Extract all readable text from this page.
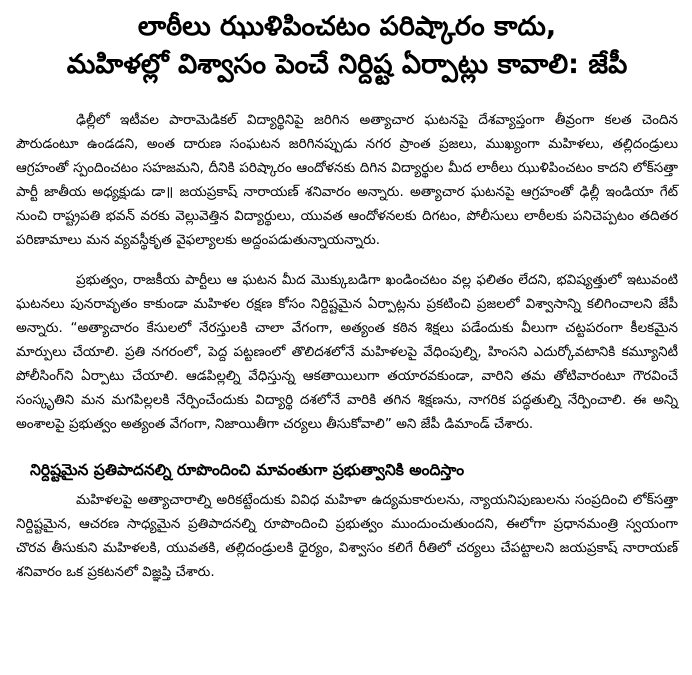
లాఠీలు ఝుళిపించటం పరిష్కారం కాదు,
మహిళల్లో విశ్వాసం పెంచే నిర్దిష్ట ఏర్పాట్లు కావాలి: జేపీ

ఢిల్లీలో ఇటీవల పారామెడికల్ విద్యార్థినిపై జరిగిన అత్యాచార ఘటనపై దేశవ్యాప్తంగా తీవ్రంగా కలత చెందిన పౌరుడంటూ ఉండడని, అంత దారుణ సంఘటన జరిగినప్పుడు నగర ప్రాంత ప్రజలు, ముఖ్యంగా మహిళలు, తల్లిదండ్రులు ఆగ్రహంతో స్పందించటం సహజమని, దీనికి పరిష్కారం ఆందోళనకు దిగిన విద్యార్థుల మీద లాఠీలు ఝుళిపించటం కాదని లోక్‌సత్తా పార్టీ జాతీయ అధ్యక్షుడు డా॥ జయప్రకాష్ నారాయణ్ శనివారం అన్నారు. అత్యాచార ఘటనపై ఆగ్రహంతో ఢిల్లీ ఇండియా గేట్ నుంచి రాష్ట్రపతి భవన్ వరకు వెల్లువెత్తిన విద్యార్థులు, యువత ఆందోళనలకు దిగటం, పోలీసులు లాఠీలకు పనిచెప్పటం తదితర పరిణామాలు మన వ్యవస్థీకృత వైఫల్యాలకు అద్దంపడుతున్నాయన్నారు.

ప్రభుత్వం, రాజకీయ పార్టీలు ఆ ఘటన మీద మొక్కుబడిగా ఖండించటం వల్ల ఫలితం లేదని, భవిష్యత్తులో ఇటువంటి ఘటనలు పునరావృతం కాకుండా మహిళల రక్షణ కోసం నిర్దిష్టమైన ఏర్పాట్లను ప్రకటించి ప్రజలలో విశ్వాసాన్ని కలిగించాలని జేపీ అన్నారు. “అత్యాచారం కేసులలో నేరస్తులకి చాలా వేగంగా, అత్యంత కఠిన శిక్షలు పడేందుకు వీలుగా చట్టపరంగా కీలకమైన మార్పులు చేయాలి. ప్రతి నగరంలో, పెద్ద పట్టణంలో తొలిదశలోనే మహిళలపై వేధింపుల్ని, హింసని ఎదుర్కోవటానికి కమ్యూనిటీ పోలీసింగ్‌ని ఏర్పాటు చేయాలి. ఆడపిల్లల్ని వేధిస్తున్న ఆకతాయిలుగా తయారవకుండా, వారిని తమ తోటివారంటూ గౌరవించే సంస్కృతిని మన మగపిల్లలకి నేర్పించేందుకు విద్యార్థి దశలోనే వారికి తగిన శిక్షణను, నాగరిక పద్ధతుల్ని నేర్పించాలి. ఈ అన్ని అంశాలపై ప్రభుత్వం అత్యంత వేగంగా, నిజాయితీగా చర్యలు తీసుకోవాలి” అని జేపీ డిమాండ్ చేశారు.

నిర్దిష్టమైన ప్రతిపాదనల్ని రూపొందించి మావంతుగా ప్రభుత్వానికి అందిస్తాం

మహిళలపై అత్యాచారాల్ని అరికట్టేందుకు వివిధ మహిళా ఉద్యమకారులను, న్యాయనిపుణులను సంప్రదించి లోక్‌సత్తా నిర్దిష్టమైన, ఆచరణ సాధ్యమైన ప్రతిపాదనల్ని రూపొందించి ప్రభుత్వం ముందుంచుతుందని, ఈలోగా ప్రధానమంత్రి స్వయంగా చొరవ తీసుకుని మహిళలకి, యువతకి, తల్లిదండ్రులకి ధైర్యం, విశ్వాసం కలిగే రీతిలో చర్యలు చేపట్టాలని జయప్రకాష్ నారాయణ్ శనివారం ఒక ప్రకటనలో విజ్ఞప్తి చేశారు.
